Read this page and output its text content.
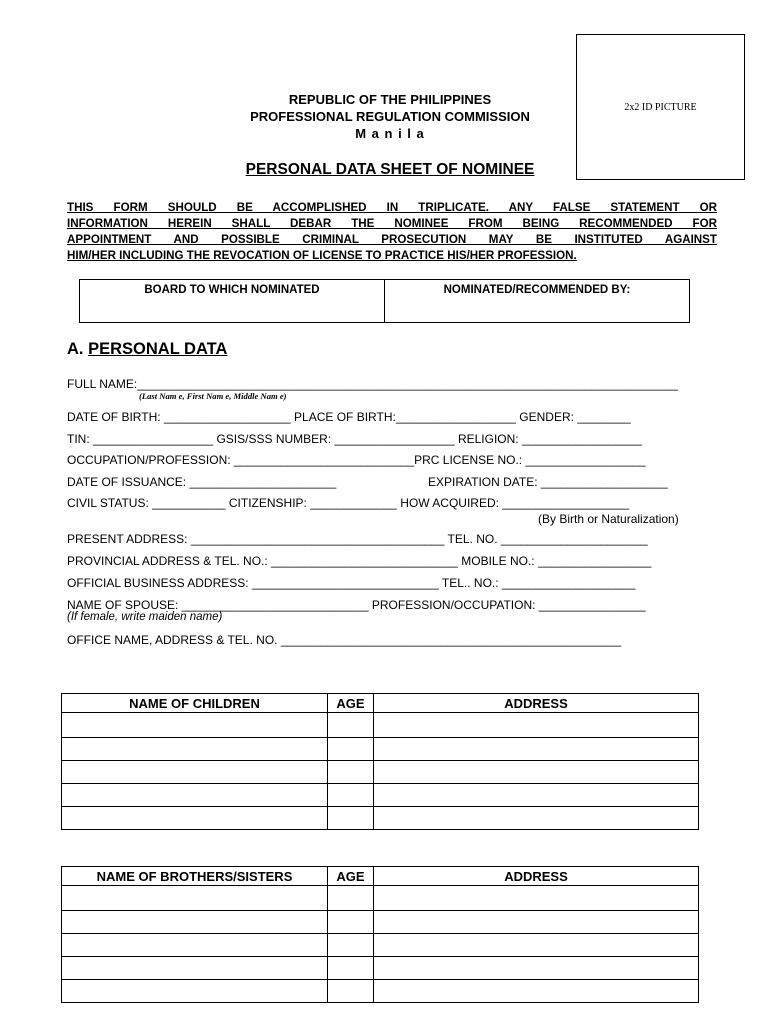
2x2 ID PICTURE
REPUBLIC OF THE PHILIPPINES
PROFESSIONAL REGULATION COMMISSION
M a n i l a
PERSONAL DATA SHEET OF NOMINEE
THIS FORM SHOULD BE ACCOMPLISHED IN TRIPLICATE. ANY FALSE STATEMENT OR
INFORMATION HEREIN SHALL DEBAR THE NOMINEE FROM BEING RECOMMENDED FOR
APPOINTMENT AND POSSIBLE CRIMINAL PROSECUTION MAY BE INSTITUTED AGAINST
HIM/HER INCLUDING THE REVOCATION OF LICENSE TO PRACTICE HIS/HER PROFESSION.
BOARD TO WHICH NOMINATED	NOMINATED/RECOMMENDED BY:
A. PERSONAL DATA
FULL NAME:_________________________________________________________________________________
(Last Nam e, First Nam e, Middle Nam e)
DATE OF BIRTH: ___________________ PLACE OF BIRTH:__________________ GENDER: ________
TIN: __________________ GSIS/SSS NUMBER: __________________ RELIGION: __________________
OCCUPATION/PROFESSION: ___________________________PRC LICENSE NO.: __________________
DATE OF ISSUANCE: ______________________	EXPIRATION DATE: ___________________
CIVIL STATUS: ___________ CITIZENSHIP: _____________ HOW ACQUIRED: ___________________
(By Birth or Naturalization)
PRESENT ADDRESS: ______________________________________ TEL. NO. ______________________
PROVINCIAL ADDRESS & TEL. NO.: ____________________________ MOBILE NO.: _________________
OFFICIAL BUSINESS ADDRESS: ____________________________ TEL.. NO.: ____________________
NAME OF SPOUSE: ____________________________ PROFESSION/OCCUPATION: ________________
(If female, write maiden name)
OFFICE NAME, ADDRESS & TEL. NO. ___________________________________________________
NAME OF CHILDREN	AGE	ADDRESS

NAME OF BROTHERS/SISTERS	AGE	ADDRESS
